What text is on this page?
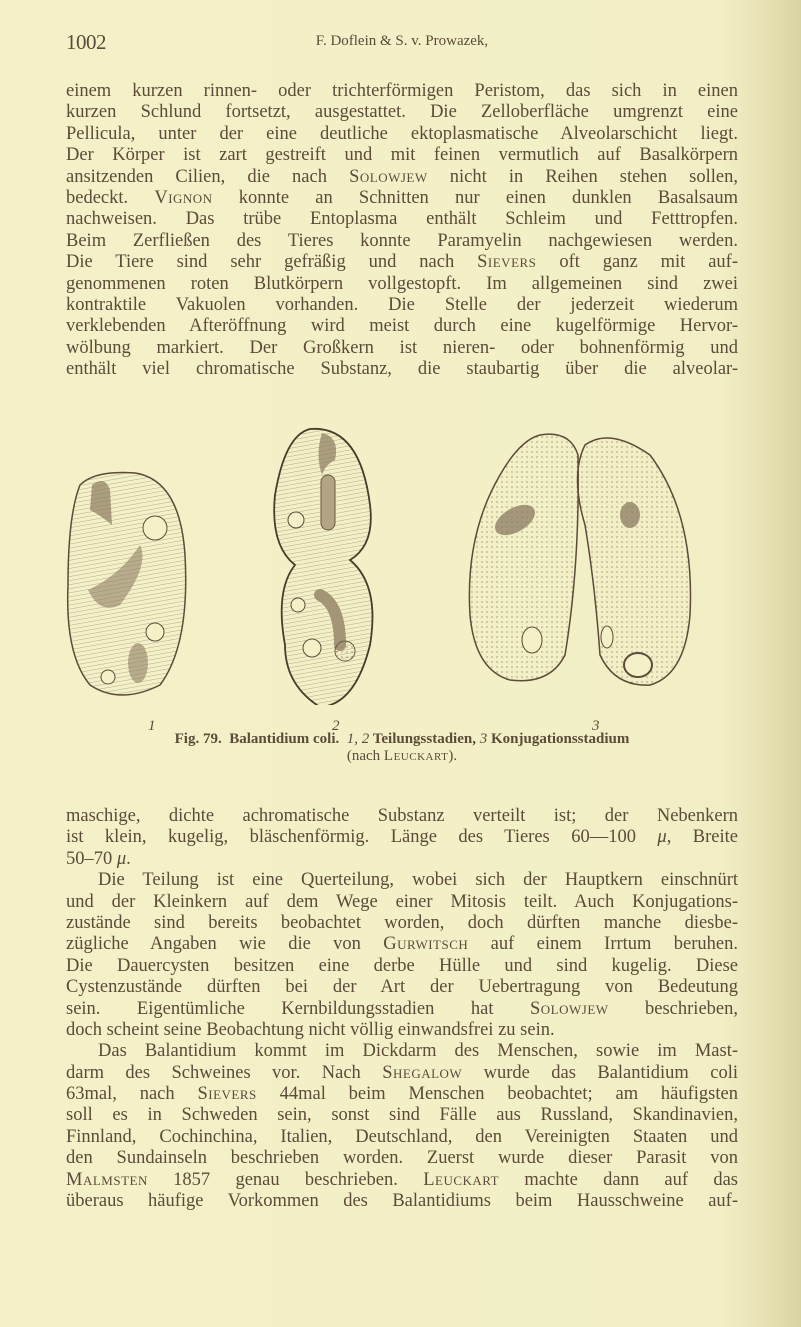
1002	F. Doflein & S. v. Prowazek,
einem kurzen rinnen- oder trichterförmigen Peristom, das sich in einen
kurzen Schlund fortsetzt, ausgestattet. Die Zelloberfläche umgrenzt eine
Pellicula, unter der eine deutliche ektoplasmatische Alveolarschicht liegt.
Der Körper ist zart gestreift und mit feinen vermutlich auf Basalkörpern
ansitzenden Cilien, die nach Solowjew nicht in Reihen stehen sollen,
bedeckt. Vignon konnte an Schnitten nur einen dunklen Basalsaum
nachweisen. Das trübe Entoplasma enthält Schleim und Fetttropfen.
Beim Zerfließen des Tieres konnte Paramyelin nachgewiesen werden.
Die Tiere sind sehr gefräßig und nach Sievers oft ganz mit auf-
genommenen roten Blutkörpern vollgestopft. Im allgemeinen sind zwei
kontraktile Vakuolen vorhanden. Die Stelle der jederzeit wiederum
verklebenden Afteröffnung wird meist durch eine kugelförmige Hervor-
wölbung markiert. Der Großkern ist nieren- oder bohnenförmig und
enthält viel chromatische Substanz, die staubartig über die alveolar-
1	2	3
Fig. 79. Balantidium coli. 1, 2 Teilungsstadien, 3 Konjugationsstadium
(nach Leuckart).
maschige, dichte achromatische Substanz verteilt ist; der Nebenkern
ist klein, kugelig, bläschenförmig. Länge des Tieres 60—100 μ, Breite
50–70 μ.
Die Teilung ist eine Querteilung, wobei sich der Hauptkern einschnürt
und der Kleinkern auf dem Wege einer Mitosis teilt. Auch Konjugations-
zustände sind bereits beobachtet worden, doch dürften manche diesbe-
zügliche Angaben wie die von Gurwitsch auf einem Irrtum beruhen.
Die Dauercysten besitzen eine derbe Hülle und sind kugelig. Diese
Cystenzustände dürften bei der Art der Uebertragung von Bedeutung
sein. Eigentümliche Kernbildungsstadien hat Solowjew beschrieben,
doch scheint seine Beobachtung nicht völlig einwandsfrei zu sein.
Das Balantidium kommt im Dickdarm des Menschen, sowie im Mast-
darm des Schweines vor. Nach Shegalow wurde das Balantidium coli
63mal, nach Sievers 44mal beim Menschen beobachtet; am häufigsten
soll es in Schweden sein, sonst sind Fälle aus Russland, Skandinavien,
Finnland, Cochinchina, Italien, Deutschland, den Vereinigten Staaten und
den Sundainseln beschrieben worden. Zuerst wurde dieser Parasit von
Malmsten 1857 genau beschrieben. Leuckart machte dann auf das
überaus häufige Vorkommen des Balantidiums beim Hausschweine auf-
